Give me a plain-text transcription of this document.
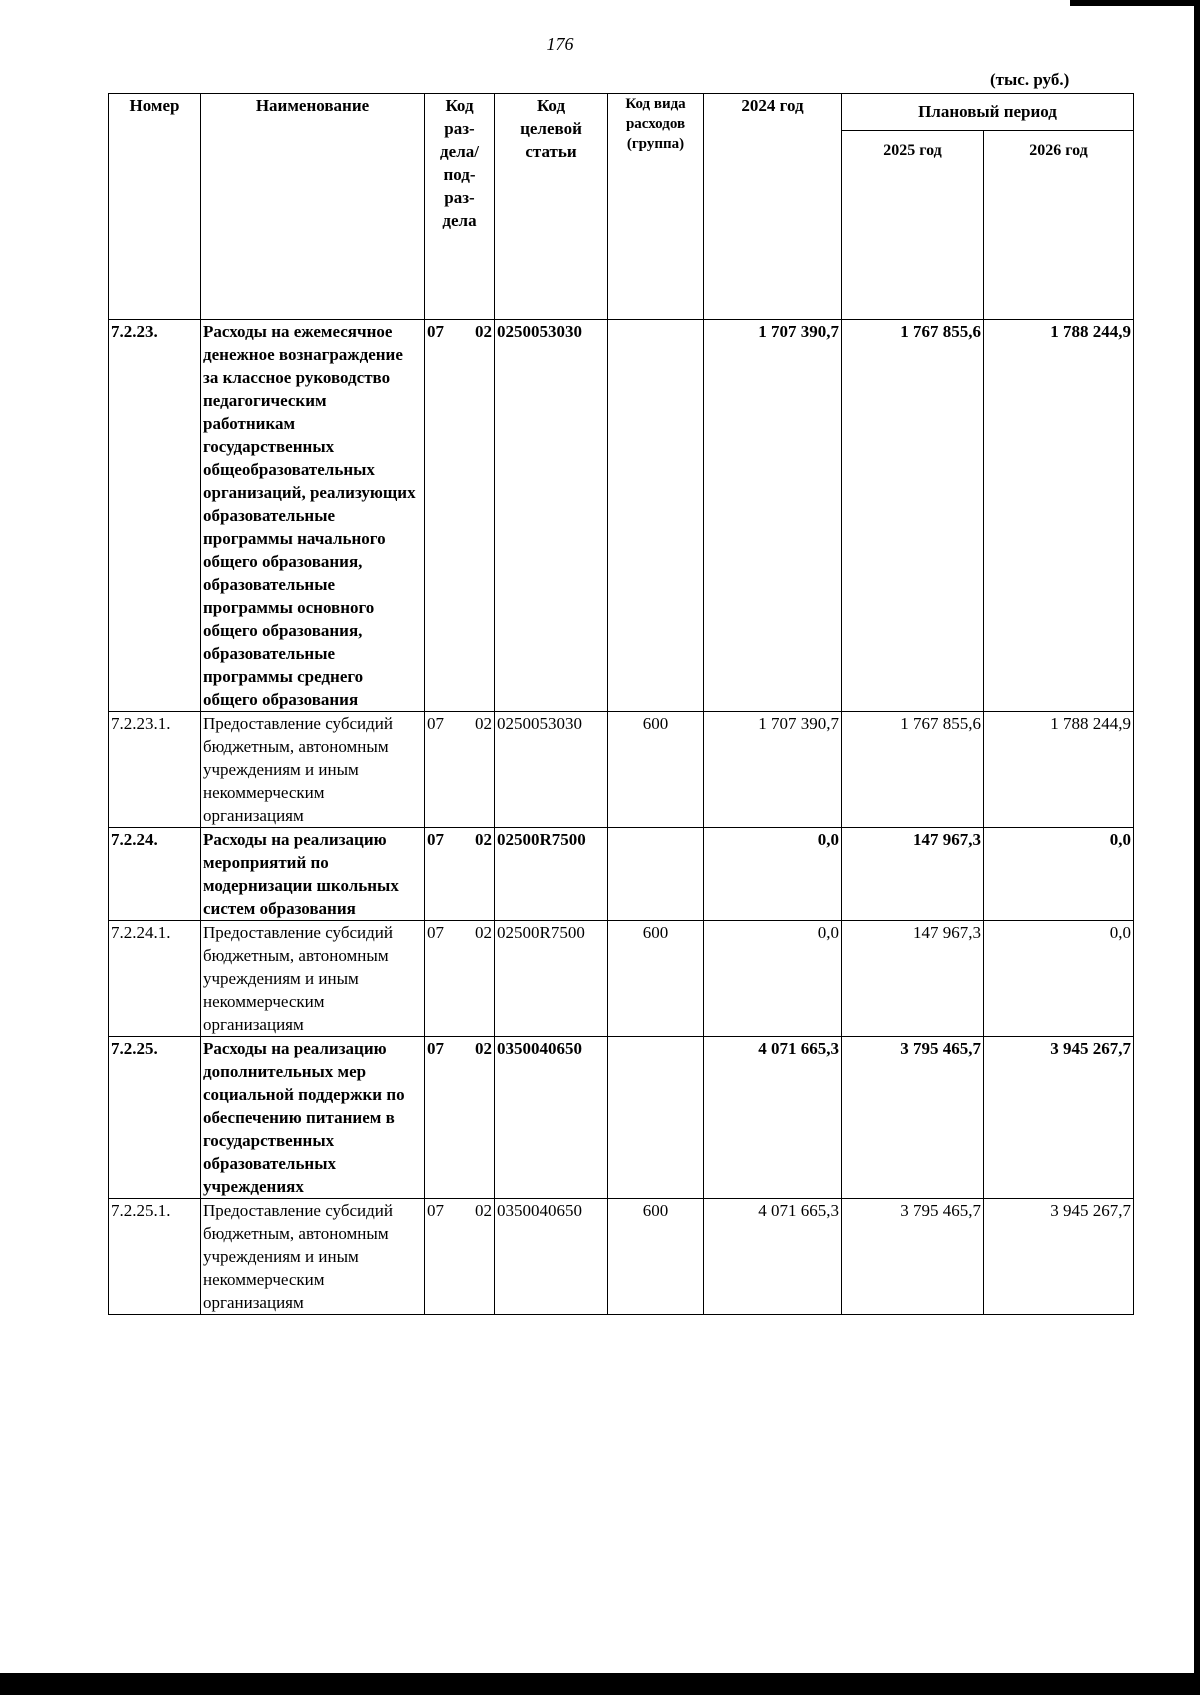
176
(тыс. руб.)
Номер	Наименование	Код раз-дела/ под-раз-дела		Код целевой статьи	Код вида расходов (группа)	2024 год	Плановый период	
							2025 год	2026 год
7.2.23.	Расходы на ежемесячное денежное вознаграждение за классное руководство педагогическим работникам государственных общеобразовательных организаций, реализующих образовательные программы начального общего образования, образовательные программы основного общего образования, образовательные программы среднего общего образования	07	02	0250053030		1 707 390,7	1 767 855,6	1 788 244,9
7.2.23.1.	Предоставление субсидий бюджетным, автономным учреждениям и иным некоммерческим организациям	07	02	0250053030	600	1 707 390,7	1 767 855,6	1 788 244,9
7.2.24.	Расходы на реализацию мероприятий по модернизации школьных систем образования	07	02	02500R7500		0,0	147 967,3	0,0
7.2.24.1.	Предоставление субсидий бюджетным, автономным учреждениям и иным некоммерческим организациям	07	02	02500R7500	600	0,0	147 967,3	0,0
7.2.25.	Расходы на реализацию дополнительных мер социальной поддержки по обеспечению питанием в государственных образовательных учреждениях	07	02	0350040650		4 071 665,3	3 795 465,7	3 945 267,7
7.2.25.1.	Предоставление субсидий бюджетным, автономным учреждениям и иным некоммерческим организациям	07	02	0350040650	600	4 071 665,3	3 795 465,7	3 945 267,7
